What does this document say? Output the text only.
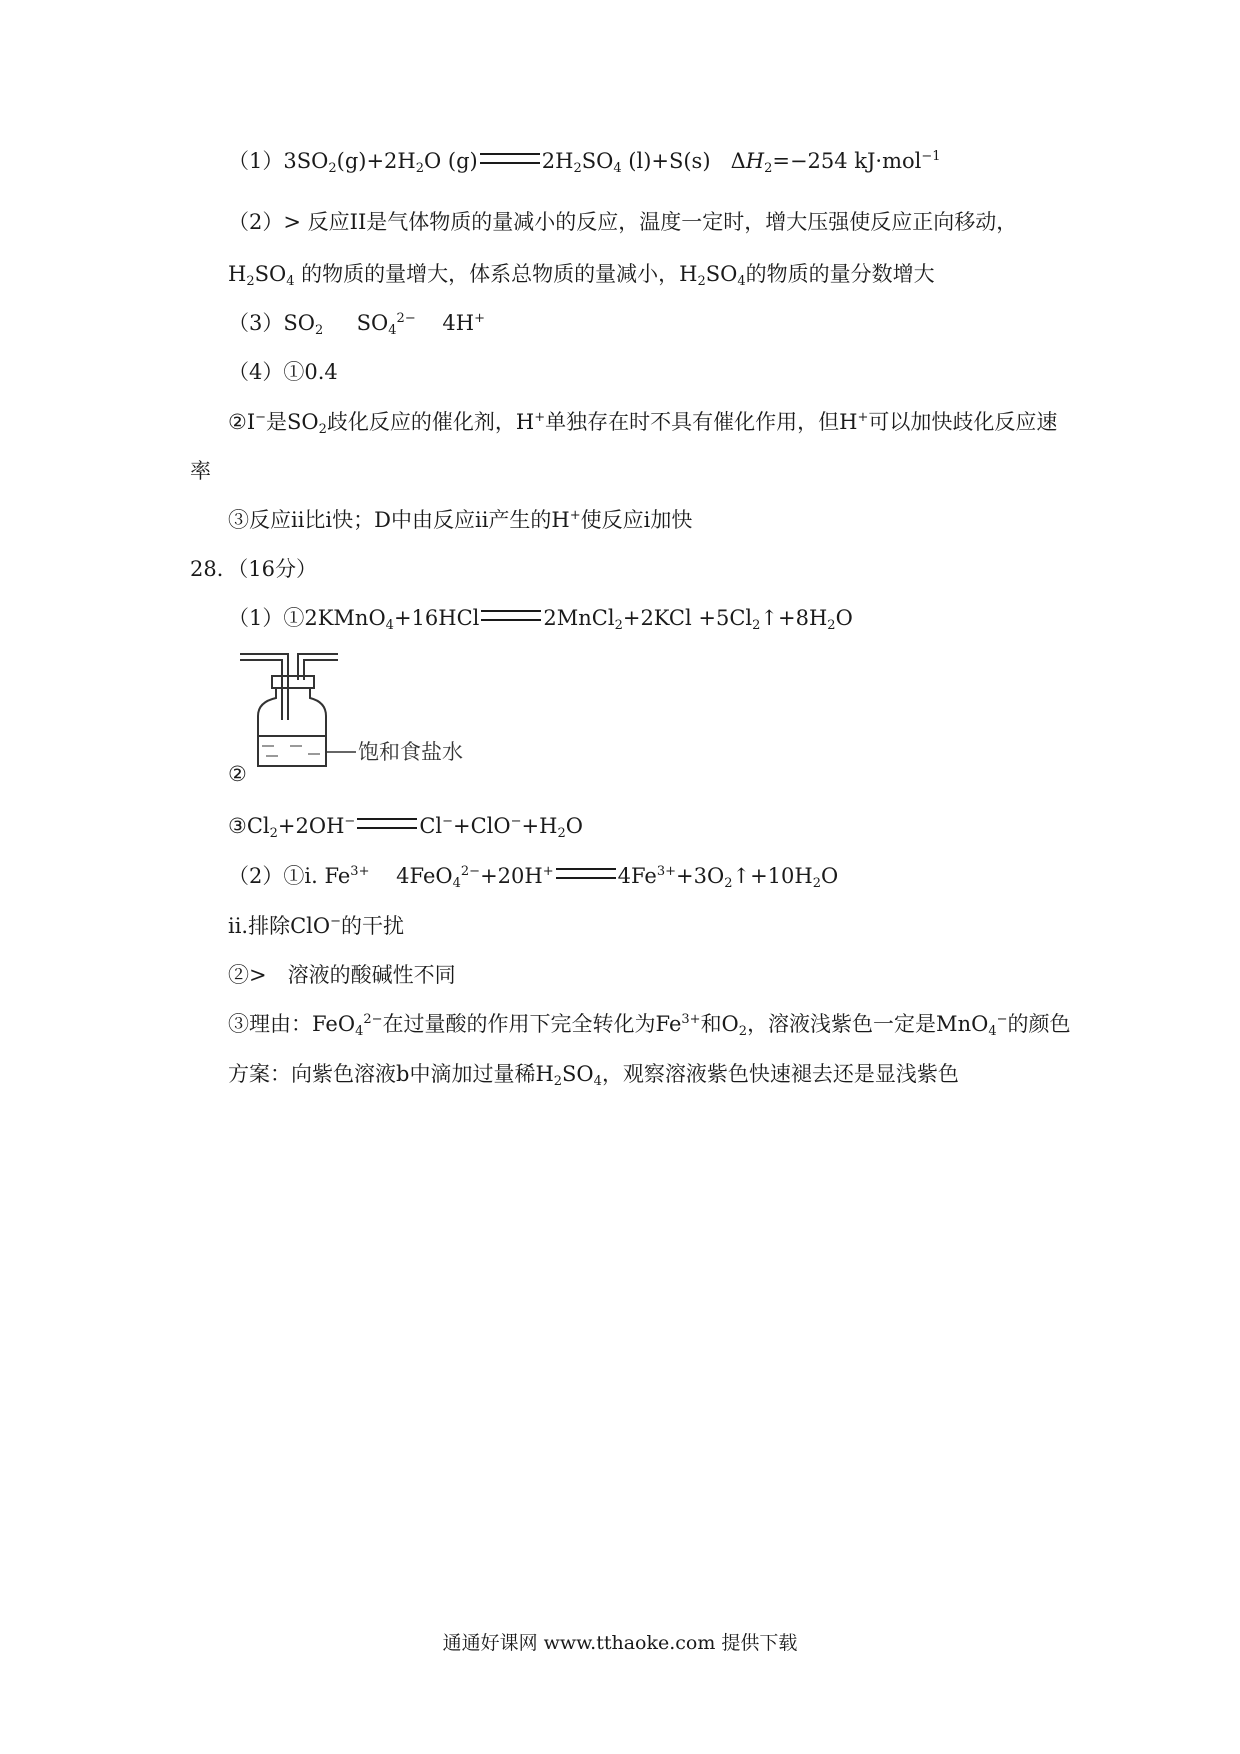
$(1)3SO_2(g)+2H_2O$ (g)	$2H_2SO_4$ (l)+S(s) $\Delta H_2=-254$ kJ·mol$^{-1}$
（2）> 反应II是气体物质的量减小的反应，温度一定时，增大压强使反应正向移动，
$H_2SO_4$ 的物质的量增大，体系总物质的量减小，$H_2SO_4$的物质的量分数增大
$(3)SO_2$ $SO_4^{2-}$ 4H+
（4）①0.4
②I−是$SO_2$歧化反应的催化剂，H+单独存在时不具有催化作用，但H+可以加快歧化反应速
率
③反应ii比i快；D中由反应ii产生的H+使反应i加快
28．（16分）
（1）①2KMnO$_4$+16HCl	2MnCl$_2$+2KCl $+5Cl_2↑+8H_2O$
饱和食盐水
②
$③Cl_2+2OH^-$	$Cl^-+ClO^-+H_2O$
（2）①i. $Fe^{3+}$ 4FeO$_4^{2-}$+20H+	$4Fe^{3+}+3O_2↑+10H_2O$
ii.排除ClO−的干扰
②>　溶液的酸碱性不同
③理由：FeO$_4^{2-}$在过量酸的作用下完全转化为$Fe^{3+}$和$O_2$，溶液浅紫色一定是MnO$_4$−的颜色
方案：向紫色溶液b中滴加过量稀$H_2SO_4$，观察溶液紫色快速褪去还是显浅紫色
通通好课网 www.tthaoke.com 提供下载
